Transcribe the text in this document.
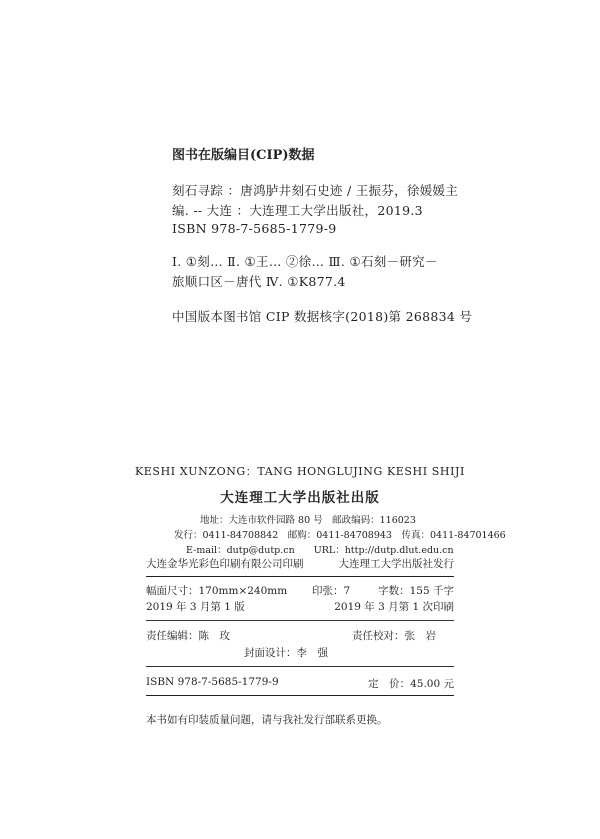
图书在版编目(CIP)数据
刻石寻踪 ：唐鸿胪井刻石史迹 / 王振芬，徐媛媛主
编. -- 大连 ：大连理工大学出版社，2019.3
ISBN 978-7-5685-1779-9
Ⅰ. ①刻… Ⅱ. ①王… ②徐… Ⅲ. ①石刻－研究－
旅顺口区－唐代 Ⅳ. ①K877.4
中国版本图书馆 CIP 数据核字(2018)第 268834 号
KESHI XUNZONG：TANG HONGLUJING KESHI SHIJI
大连理工大学出版社出版
地址：大连市软件园路 80 号　邮政编码：116023
发行：0411-84708842　邮购：0411-84708943　传真：0411-84701466
E-mail：dutp@dutp.cn　　URL：http://dutp.dlut.edu.cn
大连金华光彩色印刷有限公司印刷	大连理工大学出版社发行
幅面尺寸：170mm×240mm 印张：7	字数：155 千字
2019 年 3 月第 1 版	2019 年 3 月第 1 次印刷
责任编辑：陈　玫	责任校对：张　岩
封面设计：李　强
ISBN 978-7-5685-1779-9	定　价：45.00 元
本书如有印装质量问题，请与我社发行部联系更换。
